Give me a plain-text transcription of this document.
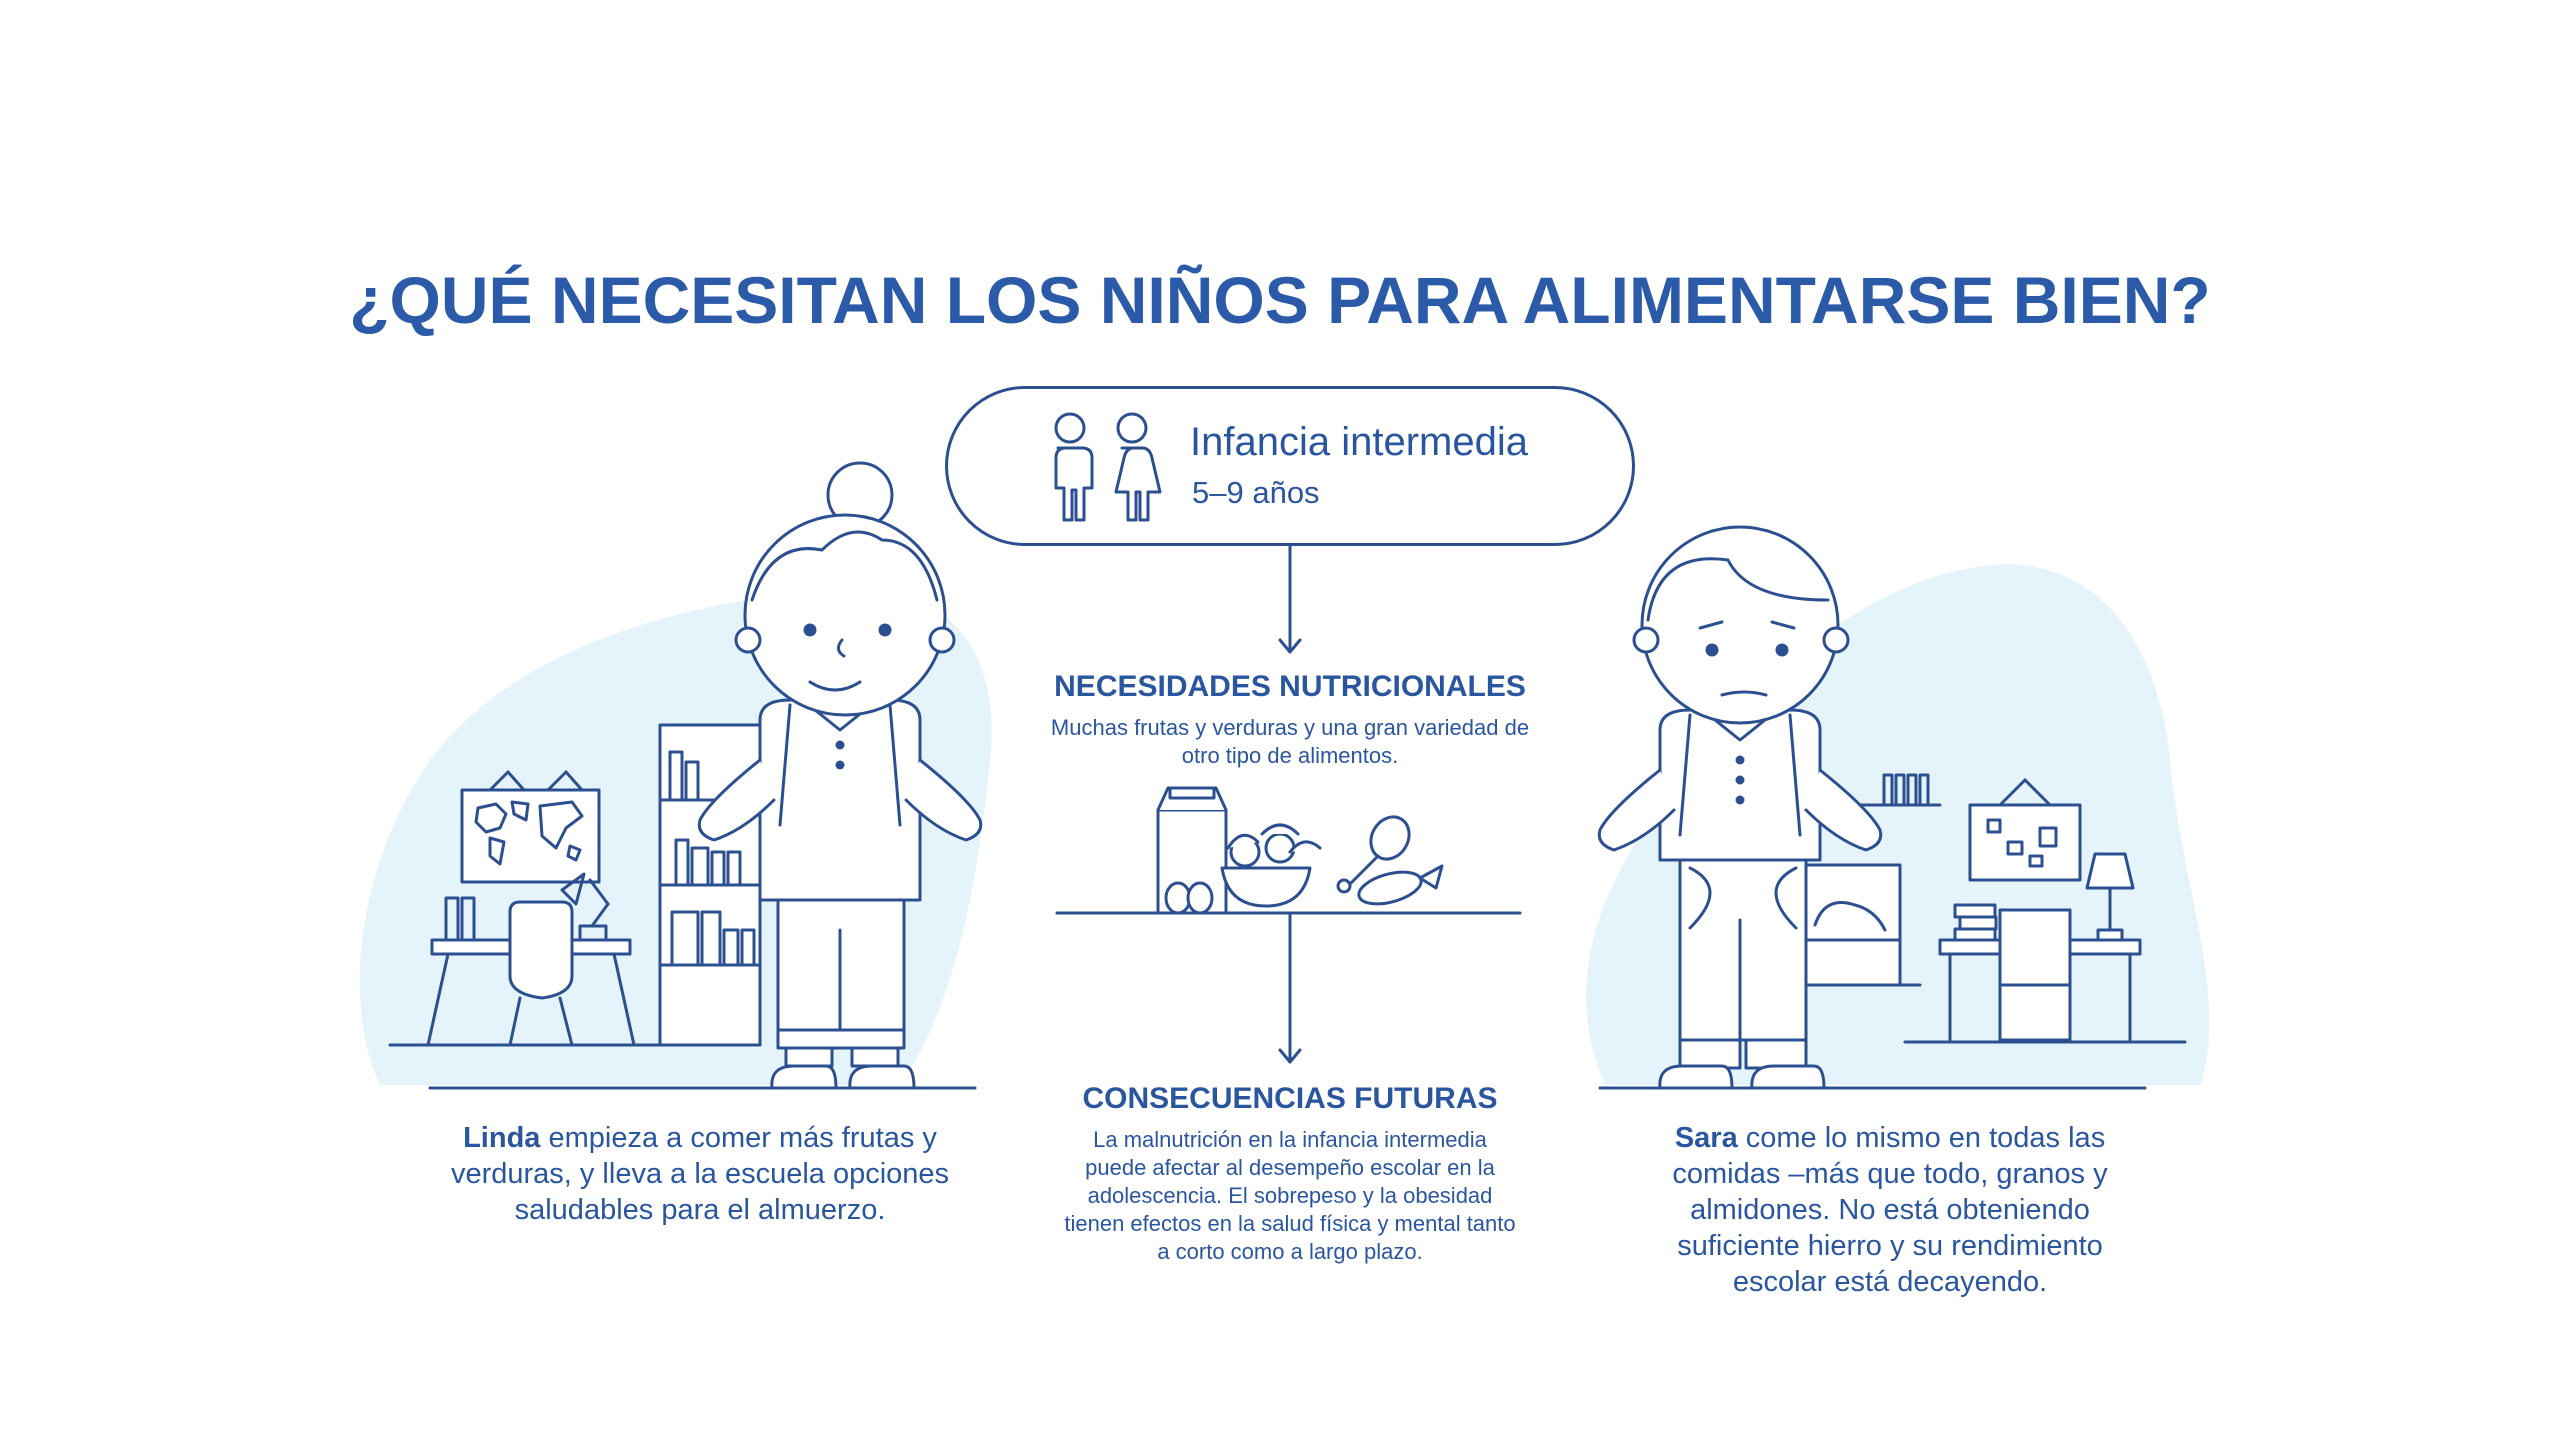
¿QUÉ NECESITAN LOS NIÑOS PARA ALIMENTARSE BIEN?
Infancia intermedia
5–9 años
NECESIDADES NUTRICIONALES
Muchas frutas y verduras y una gran variedad de otro tipo de alimentos.
CONSECUENCIAS FUTURAS
La malnutrición en la infancia intermedia puede afectar al desempeño escolar en la adolescencia. El sobrepeso y la obesidad tienen efectos en la salud física y mental tanto a corto como a largo plazo.
Linda empieza a comer más frutas y verduras, y lleva a la escuela opciones saludables para el almuerzo.
Sara come lo mismo en todas las comidas –más que todo, granos y almidones. No está obteniendo suficiente hierro y su rendimiento escolar está decayendo.
